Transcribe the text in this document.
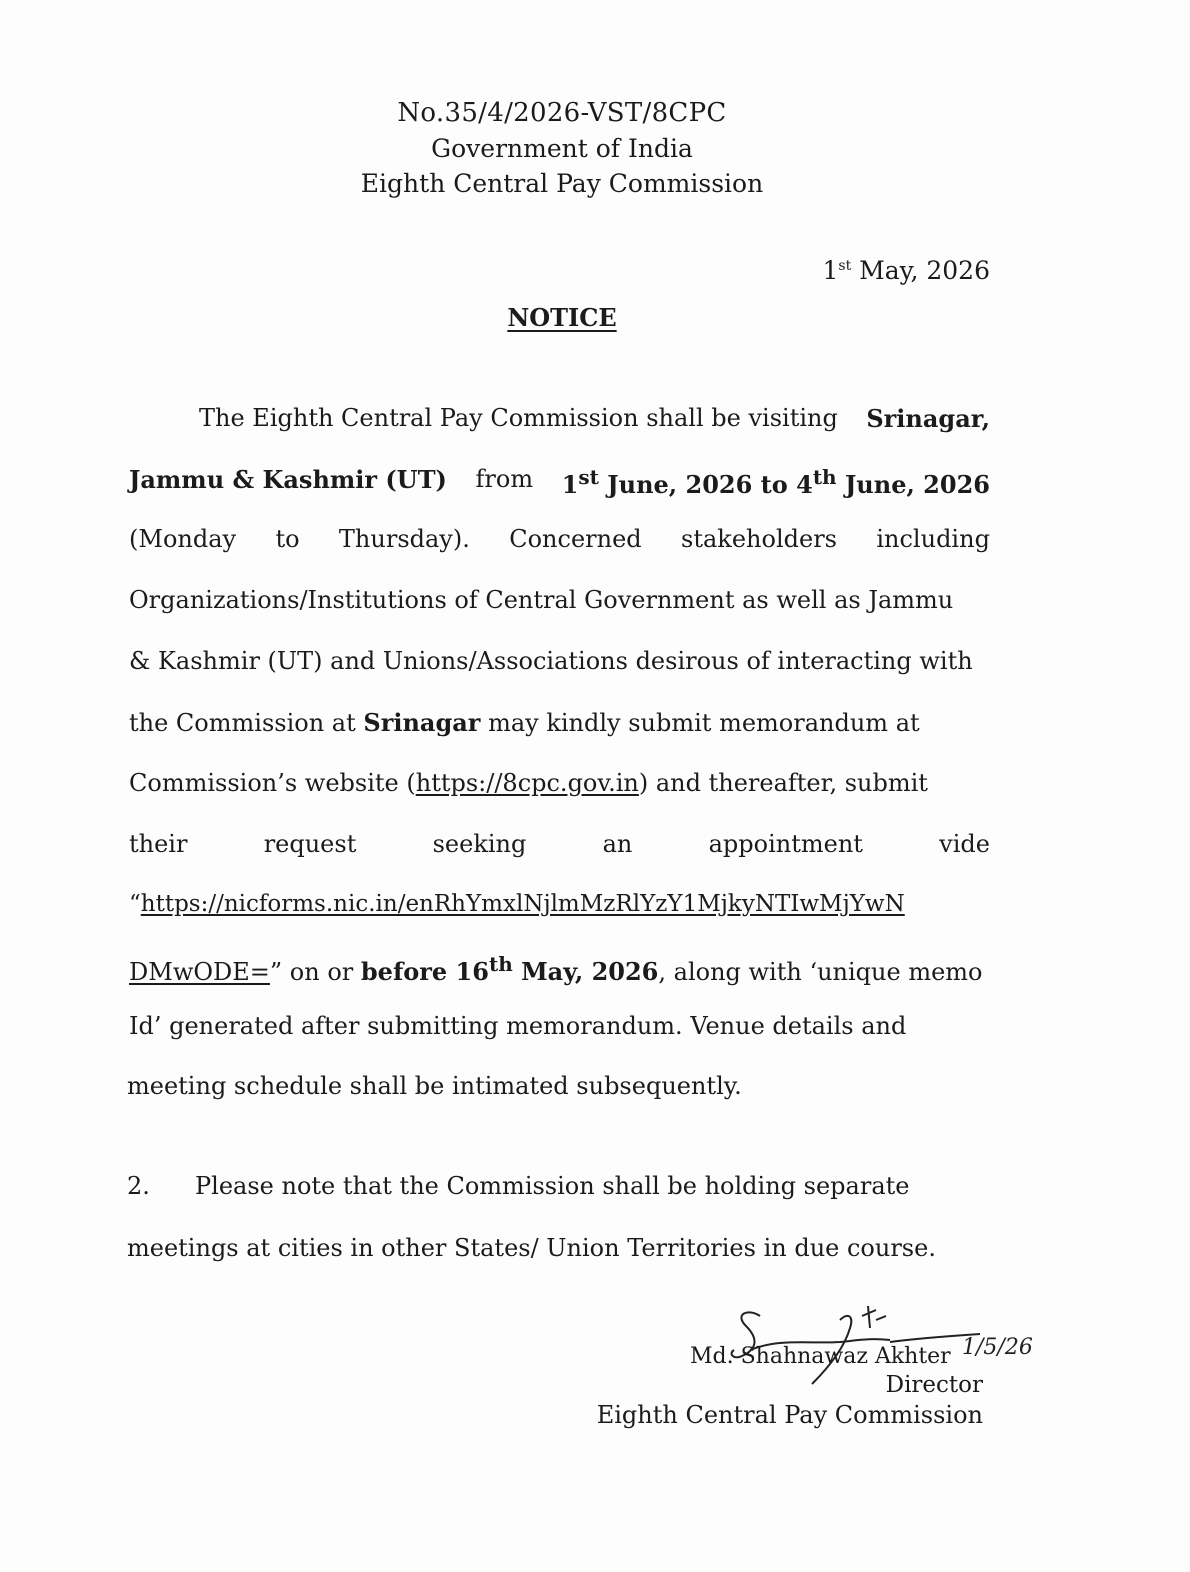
No.35/4/2026-VST/8CPC
Government of India
Eighth Central Pay Commission
1st May, 2026
NOTICE
The Eighth Central Pay Commission shall be visiting Srinagar,
Jammu & Kashmir (UT) from 1st June, 2026 to 4th June, 2026
(Monday to Thursday). Concerned stakeholders including
Organizations/Institutions of Central Government as well as Jammu
& Kashmir (UT) and Unions/Associations desirous of interacting with
the Commission at Srinagar may kindly submit memorandum at
Commission’s website (https://8cpc.gov.in) and thereafter, submit
their	request	seeking	an	appointment	vide
“https://nicforms.nic.in/enRhYmxlNjlmMzRlYzY1MjkyNTIwMjYwN
DMwODE=” on or before 16th May, 2026, along with ‘unique memo
Id’ generated after submitting memorandum. Venue details and
meeting schedule shall be intimated subsequently.
2.	Please note that the Commission shall be holding separate
meetings at cities in other States/ Union Territories in due course.
1/5/26
Md. Shahnawaz Akhter
Director
Eighth Central Pay Commission
